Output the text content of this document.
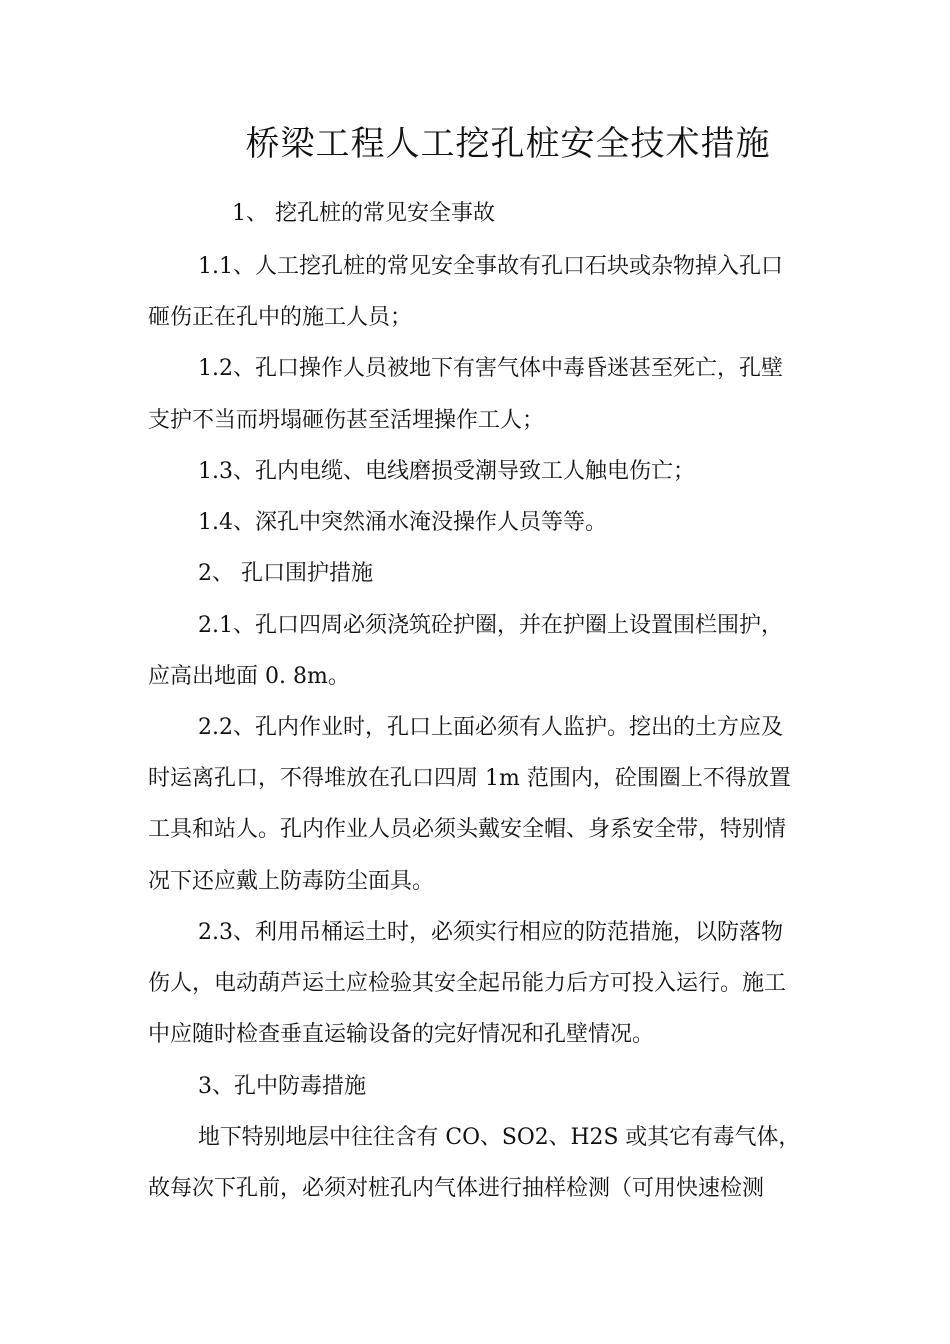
桥梁工程人工挖孔桩安全技术措施
1、 挖孔桩的常见安全事故
1.1、人工挖孔桩的常见安全事故有孔口石块或杂物掉入孔口
砸伤正在孔中的施工人员；
1.2、孔口操作人员被地下有害气体中毒昏迷甚至死亡，孔壁
支护不当而坍塌砸伤甚至活埋操作工人；
1.3、孔内电缆、电线磨损受潮导致工人触电伤亡；
1.4、深孔中突然涌水淹没操作人员等等。
2、 孔口围护措施
2.1、孔口四周必须浇筑砼护圈，并在护圈上设置围栏围护，
应高出地面 0. 8m。
2.2、孔内作业时，孔口上面必须有人监护。挖出的土方应及
时运离孔口，不得堆放在孔口四周 1m 范围内，砼围圈上不得放置
工具和站人。孔内作业人员必须头戴安全帽、身系安全带，特别情
况下还应戴上防毒防尘面具。
2.3、利用吊桶运土时，必须实行相应的防范措施，以防落物
伤人，电动葫芦运土应检验其安全起吊能力后方可投入运行。施工
中应随时检查垂直运输设备的完好情况和孔壁情况。
3、孔中防毒措施
地下特别地层中往往含有 CO、SO2、H2S 或其它有毒气体，
故每次下孔前，必须对桩孔内气体进行抽样检测（可用快速检测
